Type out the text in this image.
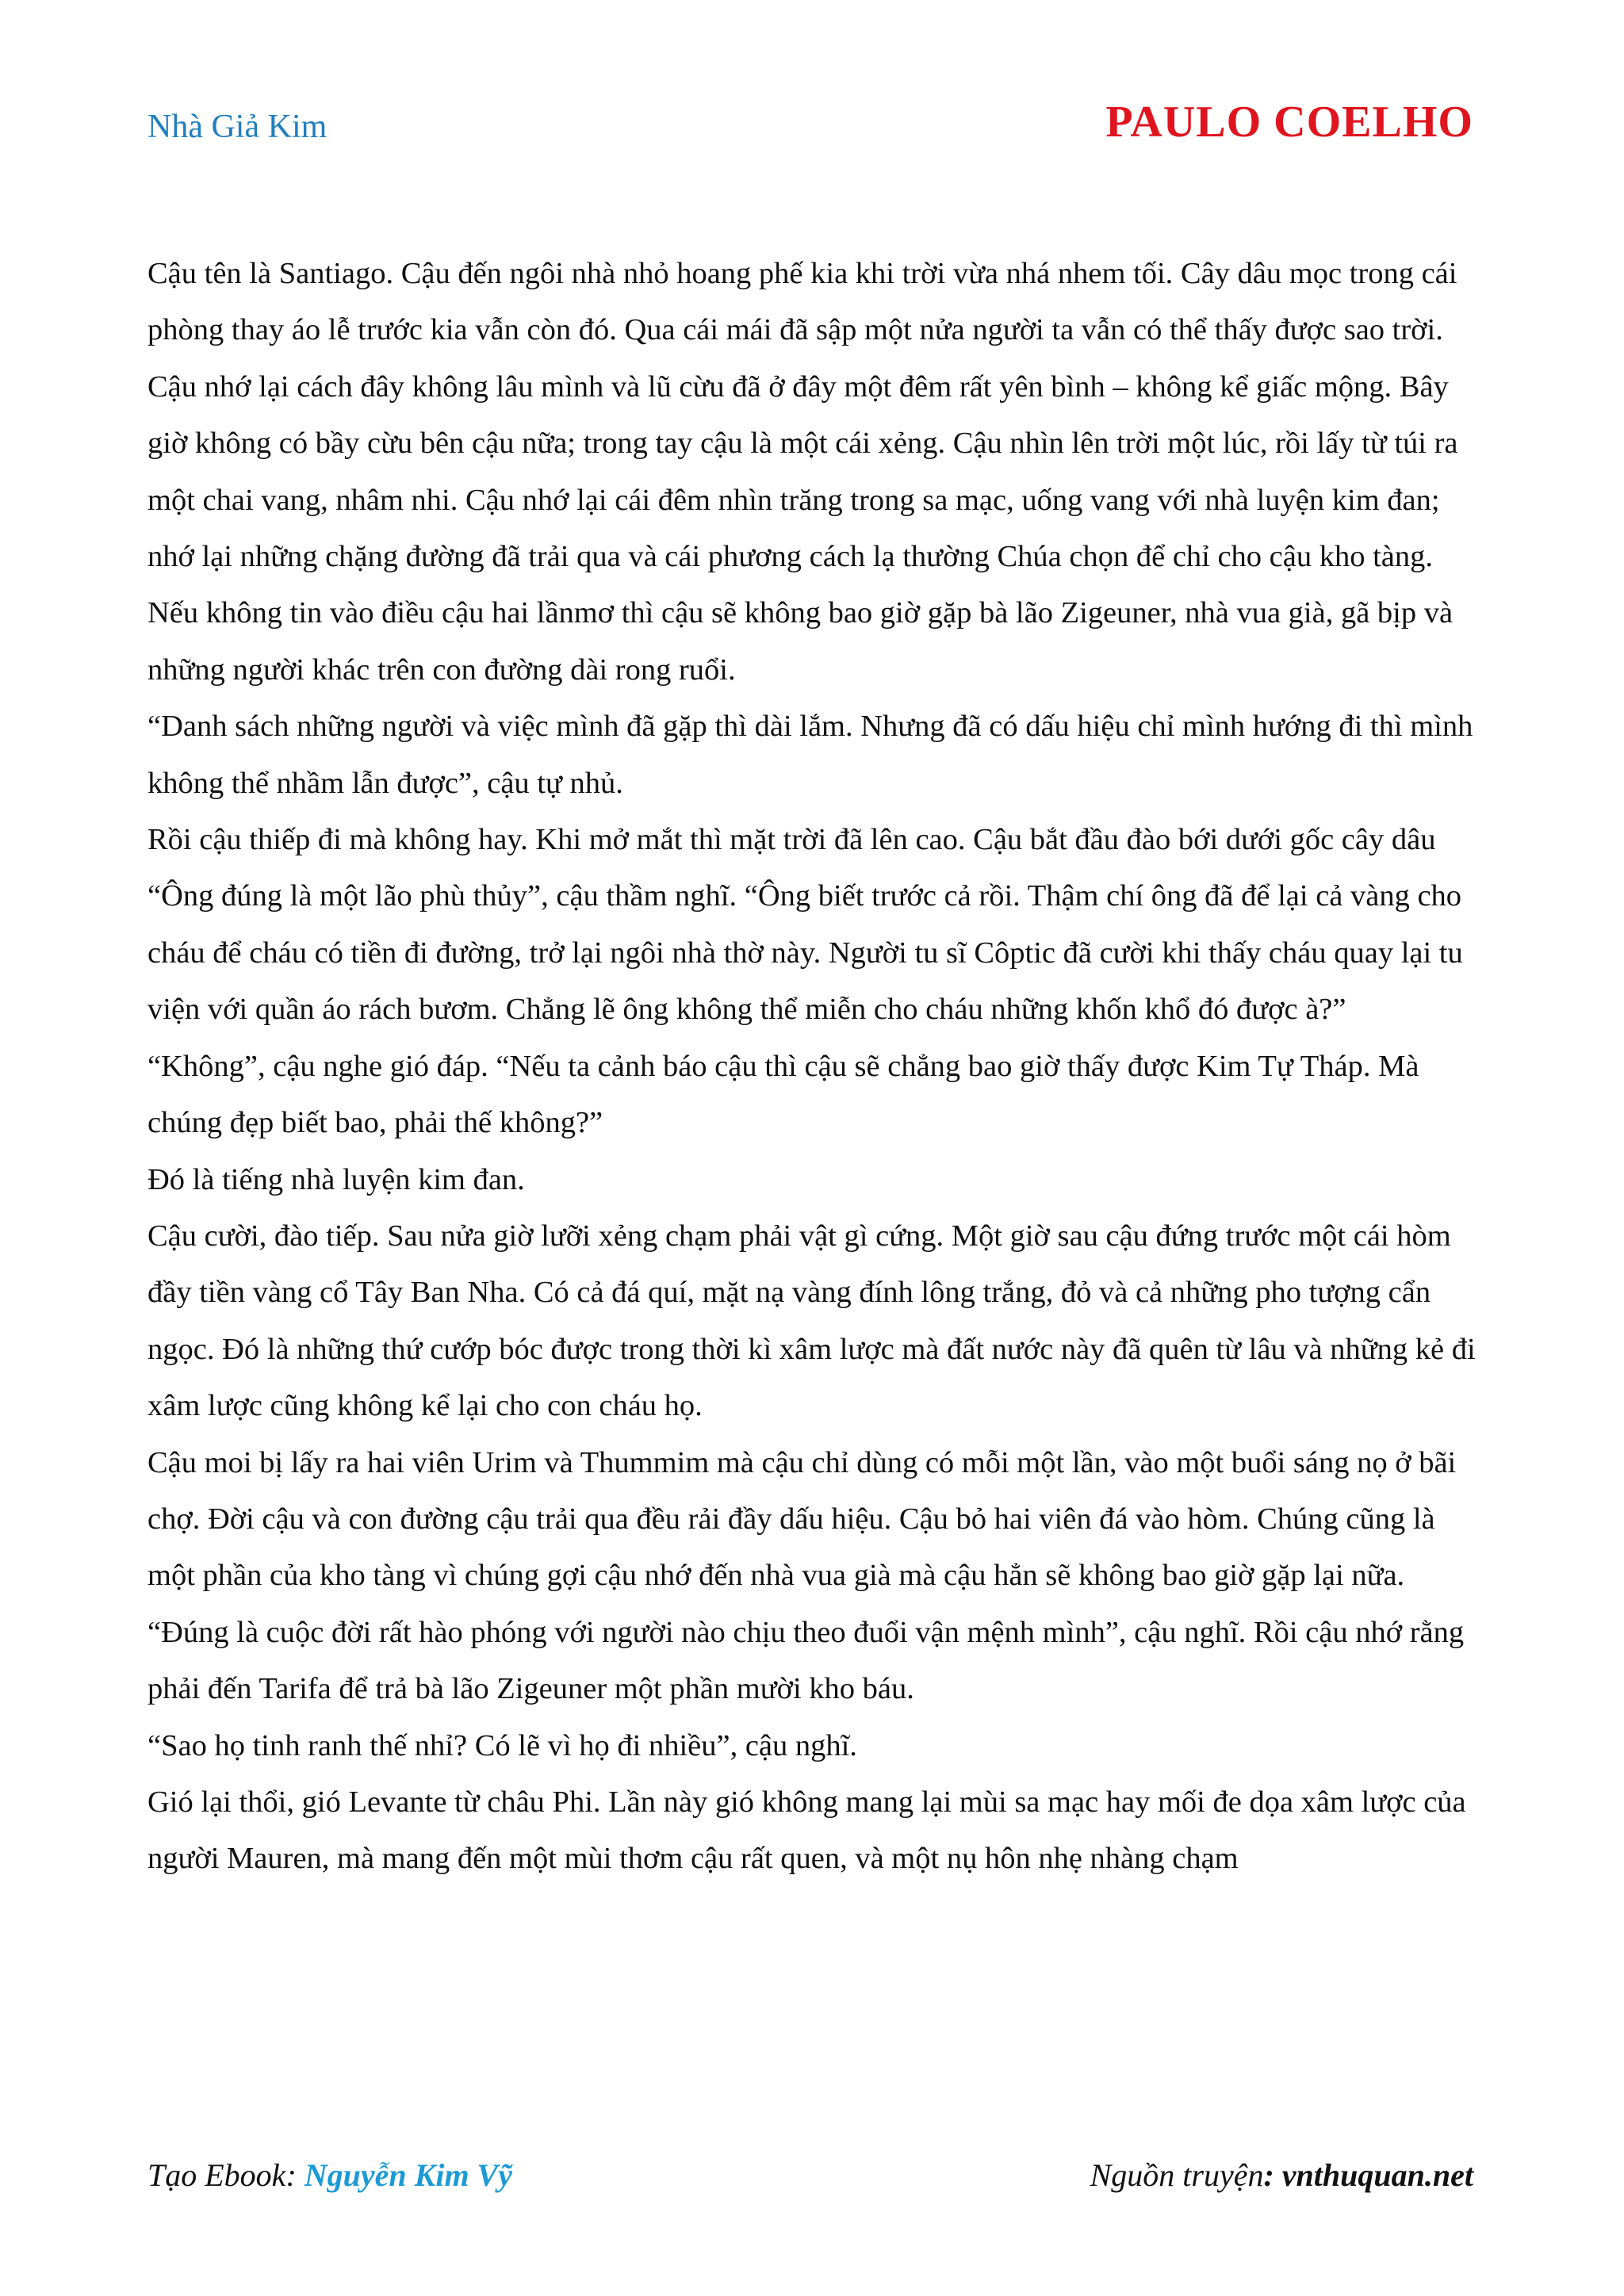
Nhà Giả Kim	PAULO COELHO

Cậu tên là Santiago. Cậu đến ngôi nhà nhỏ hoang phế kia khi trời vừa nhá nhem tối. Cây dâu mọc trong cái phòng thay áo lễ trước kia vẫn còn đó. Qua cái mái đã sập một nửa người ta vẫn có thể thấy được sao trời. Cậu nhớ lại cách đây không lâu mình và lũ cừu đã ở đây một đêm rất yên bình – không kể giấc mộng. Bây giờ không có bầy cừu bên cậu nữa; trong tay cậu là một cái xẻng. Cậu nhìn lên trời một lúc, rồi lấy từ túi ra một chai vang, nhâm nhi. Cậu nhớ lại cái đêm nhìn trăng trong sa mạc, uống vang với nhà luyện kim đan; nhớ lại những chặng đường đã trải qua và cái phương cách lạ thường Chúa chọn để chỉ cho cậu kho tàng. Nếu không tin vào điều cậu hai lầnmơ thì cậu sẽ không bao giờ gặp bà lão Zigeuner, nhà vua già, gã bịp và những người khác trên con đường dài rong ruổi.

“Danh sách những người và việc mình đã gặp thì dài lắm. Nhưng đã có dấu hiệu chỉ mình hướng đi thì mình không thể nhầm lẫn được”, cậu tự nhủ.

Rồi cậu thiếp đi mà không hay. Khi mở mắt thì mặt trời đã lên cao. Cậu bắt đầu đào bới dưới gốc cây dâu

“Ông đúng là một lão phù thủy”, cậu thầm nghĩ. “Ông biết trước cả rồi. Thậm chí ông đã để lại cả vàng cho cháu để cháu có tiền đi đường, trở lại ngôi nhà thờ này. Người tu sĩ Côptic đã cười khi thấy cháu quay lại tu viện với quần áo rách bươm. Chẳng lẽ ông không thể miễn cho cháu những khốn khổ đó được à?”

“Không”, cậu nghe gió đáp. “Nếu ta cảnh báo cậu thì cậu sẽ chẳng bao giờ thấy được Kim Tự Tháp. Mà chúng đẹp biết bao, phải thế không?”

Đó là tiếng nhà luyện kim đan.

Cậu cười, đào tiếp. Sau nửa giờ lưỡi xẻng chạm phải vật gì cứng. Một giờ sau cậu đứng trước một cái hòm đầy tiền vàng cổ Tây Ban Nha. Có cả đá quí, mặt nạ vàng đính lông trắng, đỏ và cả những pho tượng cẩn ngọc. Đó là những thứ cướp bóc được trong thời kì xâm lược mà đất nước này đã quên từ lâu và những kẻ đi xâm lược cũng không kể lại cho con cháu họ.

Cậu moi bị lấy ra hai viên Urim và Thummim mà cậu chỉ dùng có mỗi một lần, vào một buổi sáng nọ ở bãi chợ. Đời cậu và con đường cậu trải qua đều rải đầy dấu hiệu. Cậu bỏ hai viên đá vào hòm. Chúng cũng là một phần của kho tàng vì chúng gợi cậu nhớ đến nhà vua già mà cậu hẳn sẽ không bao giờ gặp lại nữa.

“Đúng là cuộc đời rất hào phóng với người nào chịu theo đuổi vận mệnh mình”, cậu nghĩ. Rồi cậu nhớ rằng phải đến Tarifa để trả bà lão Zigeuner một phần mười kho báu.

“Sao họ tinh ranh thế nhỉ? Có lẽ vì họ đi nhiều”, cậu nghĩ.

Gió lại thổi, gió Levante từ châu Phi. Lần này gió không mang lại mùi sa mạc hay mối đe dọa xâm lược của người Mauren, mà mang đến một mùi thơm cậu rất quen, và một nụ hôn nhẹ nhàng chạm

Tạo Ebook: Nguyễn Kim Vỹ	Nguồn truyện: vnthuquan.net
